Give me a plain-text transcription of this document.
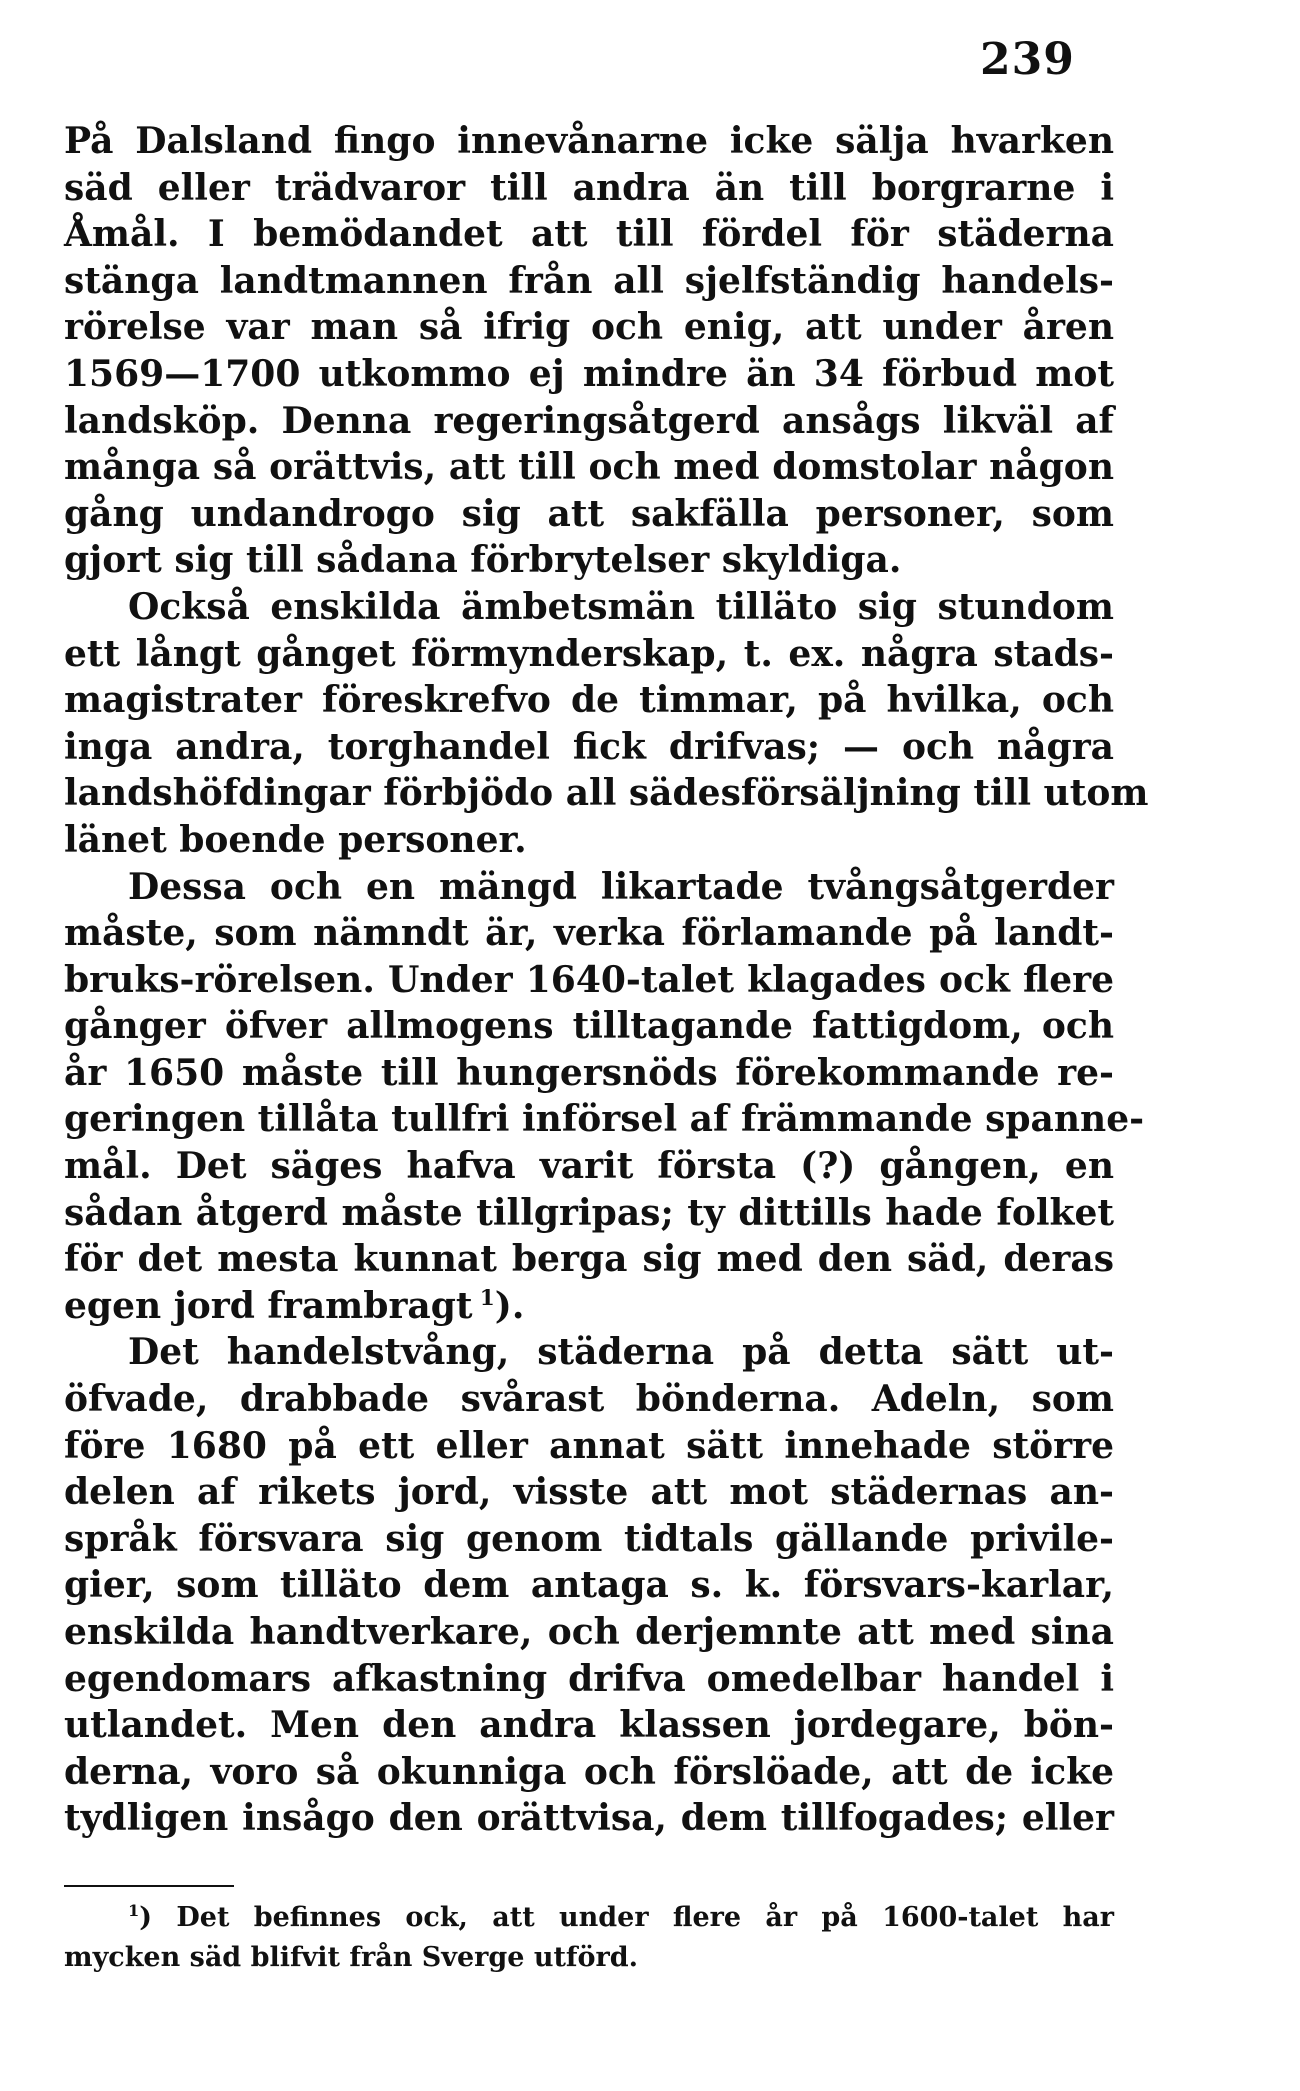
239
På Dalsland fingo innevånarne icke sälja hvarken
säd eller trädvaror till andra än till borgrarne i
Åmål. I bemödandet att till fördel för städerna
stänga landtmannen från all sjelfständig handels-
rörelse var man så ifrig och enig, att under åren
1569—1700 utkommo ej mindre än 34 förbud mot
landsköp. Denna regeringsåtgerd ansågs likväl af
många så orättvis, att till och med domstolar någon
gång undandrogo sig att sakfälla personer, som
gjort sig till sådana förbrytelser skyldiga.
Också enskilda ämbetsmän tilläto sig stundom
ett långt gånget förmynderskap, t. ex. några stads-
magistrater föreskrefvo de timmar, på hvilka, och
inga andra, torghandel fick drifvas; — och några
landshöfdingar förbjödo all sädesförsäljning till utom
länet boende personer.
Dessa och en mängd likartade tvångsåtgerder
måste, som nämndt är, verka förlamande på landt-
bruks-rörelsen. Under 1640-talet klagades ock flere
gånger öfver allmogens tilltagande fattigdom, och
år 1650 måste till hungersnöds förekommande re-
geringen tillåta tullfri införsel af främmande spanne-
mål. Det säges hafva varit första (?) gången, en
sådan åtgerd måste tillgripas; ty dittills hade folket
för det mesta kunnat berga sig med den säd, deras
egen jord frambragt  $^1$).
Det handelstvång, städerna på detta sätt ut-
öfvade, drabbade svårast bönderna. Adeln, som
före 1680 på ett eller annat sätt innehade större
delen af rikets jord, visste att mot städernas an-
språk försvara sig genom tidtals gällande privile-
gier, som tilläto dem antaga s. k. försvars-karlar,
enskilda handtverkare, och derjemnte att med sina
egendomars afkastning drifva omedelbar handel i
utlandet. Men den andra klassen jordegare, bön-
derna, voro så okunniga och förslöade, att de icke
tydligen insågo den orättvisa, dem tillfogades; eller
$^1$) Det befinnes ock, att under flere år på 1600-talet har
mycken säd blifvit från Sverge utförd.
